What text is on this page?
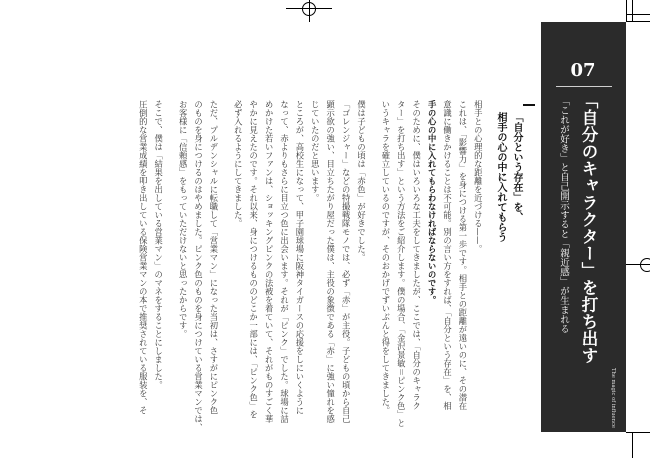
07
「自分のキャラクター」を打ち出す
「これが好き」と自己開示すると「親近感」が生まれる
The magic of influence
「自分という存在」を、
相手の心の中に入れてもらう
相手との心理的な距離を近づける——。
これは、「影響力」を身につける第一歩です。相手との距離が遠いのに、その潜在
意識に働きかけることは不可能。別の言い方をすれば、「自分という存在」を、相
手の心の中に入れてもらわなければならないのです。
そのために、僕はいろいろな工夫をしてきましたが、ここでは、「自分のキャラク
ター」を打ち出す」という方法をご紹介します。僕の場合、「金沢景敏＝ピンク色」と
いうキャラを確立しているのですが、そのおかげでずいぶんと得をしてきました。
僕は子どもの頃は「赤色」が好きでした。
「ゴレンジャー」などの特撮戦隊モノでは、必ず「赤」が主役。子どもの頃から自己
顕示欲の強い、目立ちたがり屋だった僕は、主役の象徴である「赤」に強い憧れを感
じていたのだと思います。
ところが、高校生になって、甲子園球場に阪神タイガースの応援をしにいくように
なって、赤よりもさらに目立つ色に出会います。それが「ピンク」でした。球場に詰
めかけた若いファンは、ショッキングピンクの法被を着ていて、それがものすごく華
やかに見えたのです。それ以来、身につけるもののどこか一部には、「ピンク色」を
必ず入れるようにしてきました。
ただ、プルデンシャルに転職して「営業マン」になった当初は、さすがにピンク色
のものを身につけるのはやめました。ピンク色のものを身につけている営業マンでは、
お客様に「信頼感」をもっていただけないと思ったからです。
そこで、僕は「結果を出している営業マン」のマネをすることにしました。
圧倒的な営業成績を叩き出している保険営業マンの本で推奨されている服装を、そ
